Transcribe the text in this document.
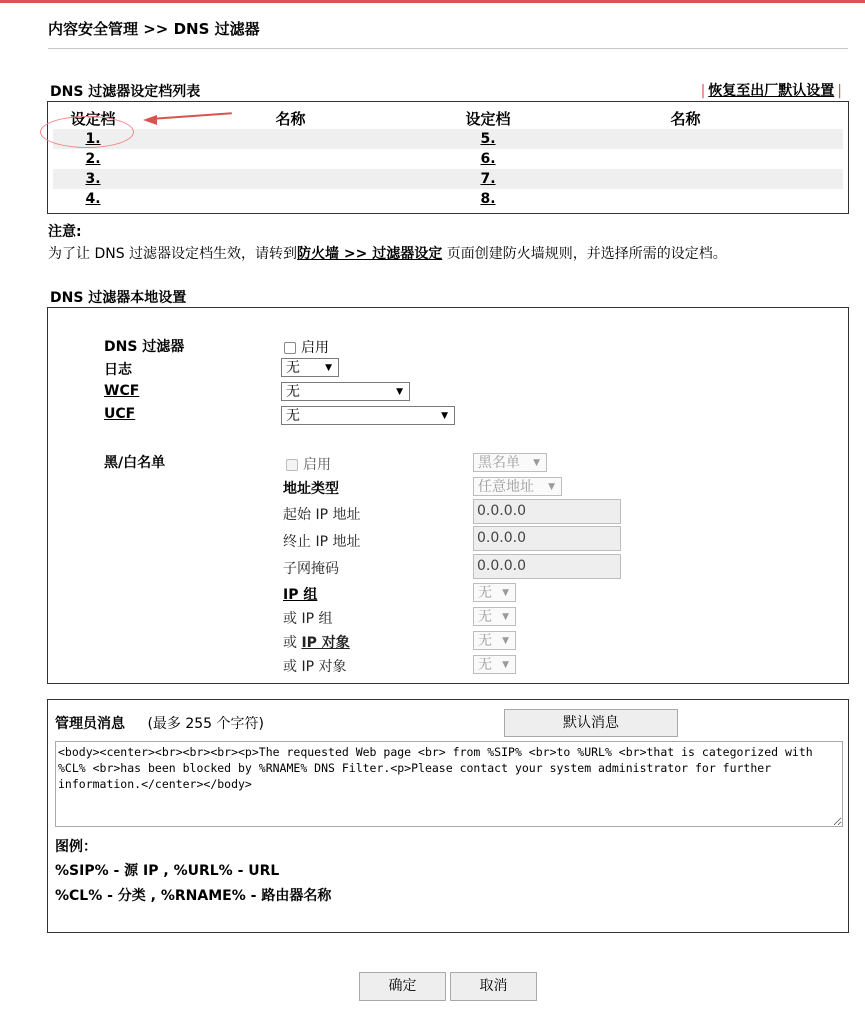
内容安全管理 >> DNS 过滤器
DNS 过滤器设定档列表	| 恢复至出厂默认设置 |
设定档	名称	设定档	名称
1.		5.	
2.		6.	
3.		7.	
4.		8.	
注意:
为了让 DNS 过滤器设定档生效，请转到防火墙 >> 过滤器设定 页面创建防火墙规则，并选择所需的设定档。
DNS 过滤器本地设置
DNS 过滤器	启用
日志	无	▼
WCF	无	▼
UCF	无	▼
黑/白名单	启用	黑名单 ▼
地址类型	任意地址 ▼
起始 IP 地址	0.0.0.0
终止 IP 地址	0.0.0.0
子网掩码	0.0.0.0
IP 组	无 ▼
或 IP 组	无 ▼
或 IP 对象	无 ▼
或 IP 对象	无 ▼
管理员消息 (最多 255 个字符)	默认消息
<body><center><br><br><br><p>The requested Web page <br> from %SIP% <br>to %URL% <br>that is categorized with %CL% <br>has been blocked by %RNAME% DNS Filter.<p>Please contact your system administrator for further information.</center></body>
图例：
%SIP% - 源 IP , %URL% - URL
%CL% - 分类 , %RNAME% - 路由器名称
确定	取消
